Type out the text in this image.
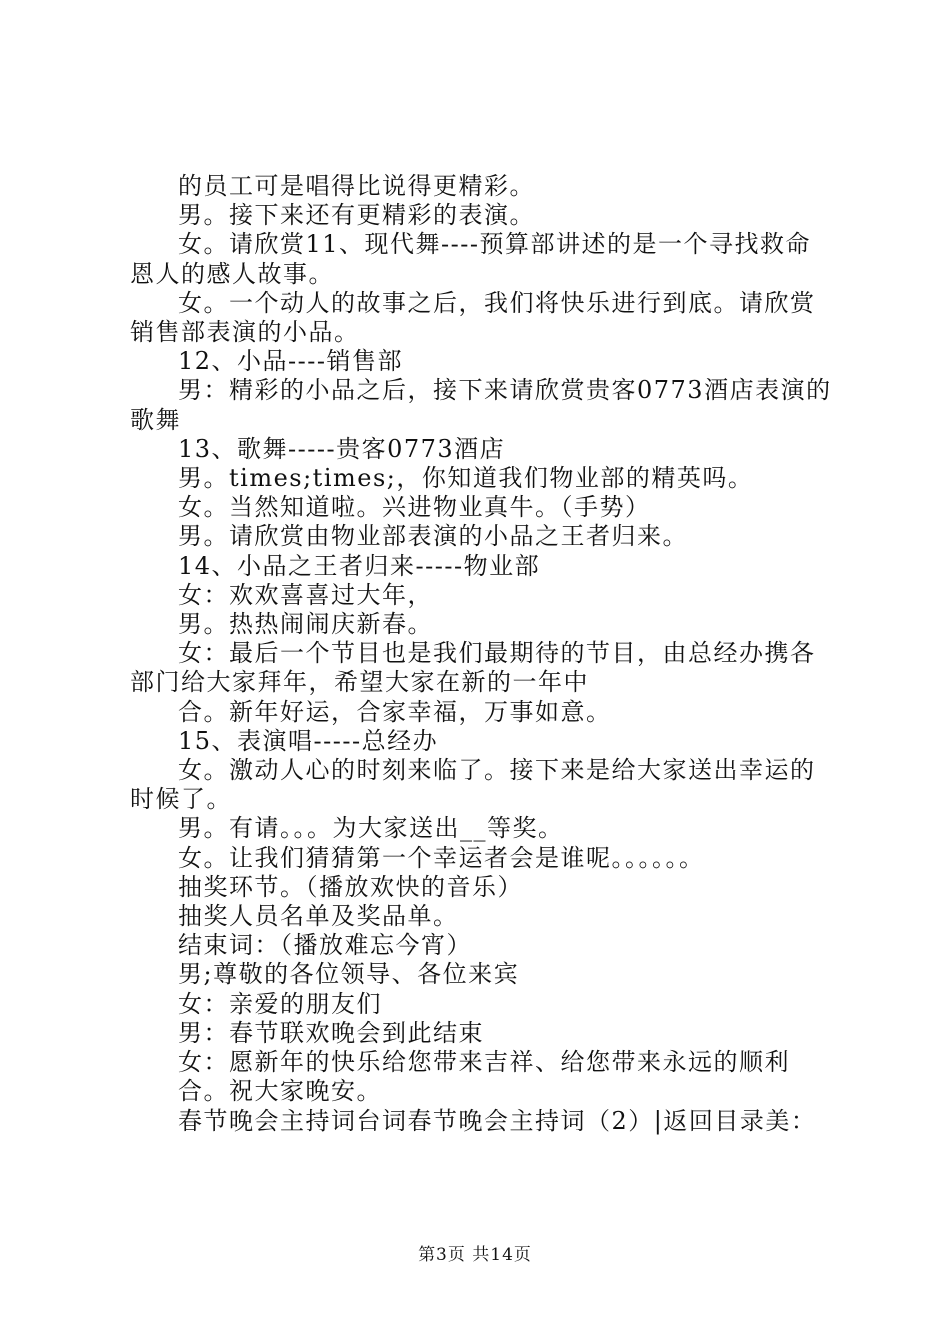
的员工可是唱得比说得更精彩。

男。接下来还有更精彩的表演。

女。请欣赏11、现代舞----预算部讲述的是一个寻找救命恩人的感人故事。

女。一个动人的故事之后，我们将快乐进行到底。请欣赏销售部表演的小品。

12、小品----销售部

男：精彩的小品之后，接下来请欣赏贵客0773酒店表演的歌舞

13、歌舞-----贵客0773酒店

男。times;times;，你知道我们物业部的精英吗。

女。当然知道啦。兴进物业真牛。（手势）

男。请欣赏由物业部表演的小品之王者归来。

14、小品之王者归来-----物业部

女：欢欢喜喜过大年，

男。热热闹闹庆新春。

女：最后一个节目也是我们最期待的节目，由总经办携各部门给大家拜年，希望大家在新的一年中

合。新年好运，合家幸福，万事如意。

15、表演唱-----总经办

女。激动人心的时刻来临了。接下来是给大家送出幸运的时候了。

男。有请。。。为大家送出__等奖。

女。让我们猜猜第一个幸运者会是谁呢。。。。。。

抽奖环节。（播放欢快的音乐）

抽奖人员名单及奖品单。

结束词：（播放难忘今宵）

男;尊敬的各位领导、各位来宾

女：亲爱的朋友们

男：春节联欢晚会到此结束

女：愿新年的快乐给您带来吉祥、给您带来永远的顺利

合。祝大家晚安。

春节晚会主持词台词春节晚会主持词（2）|返回目录美：

第3页 共14页
